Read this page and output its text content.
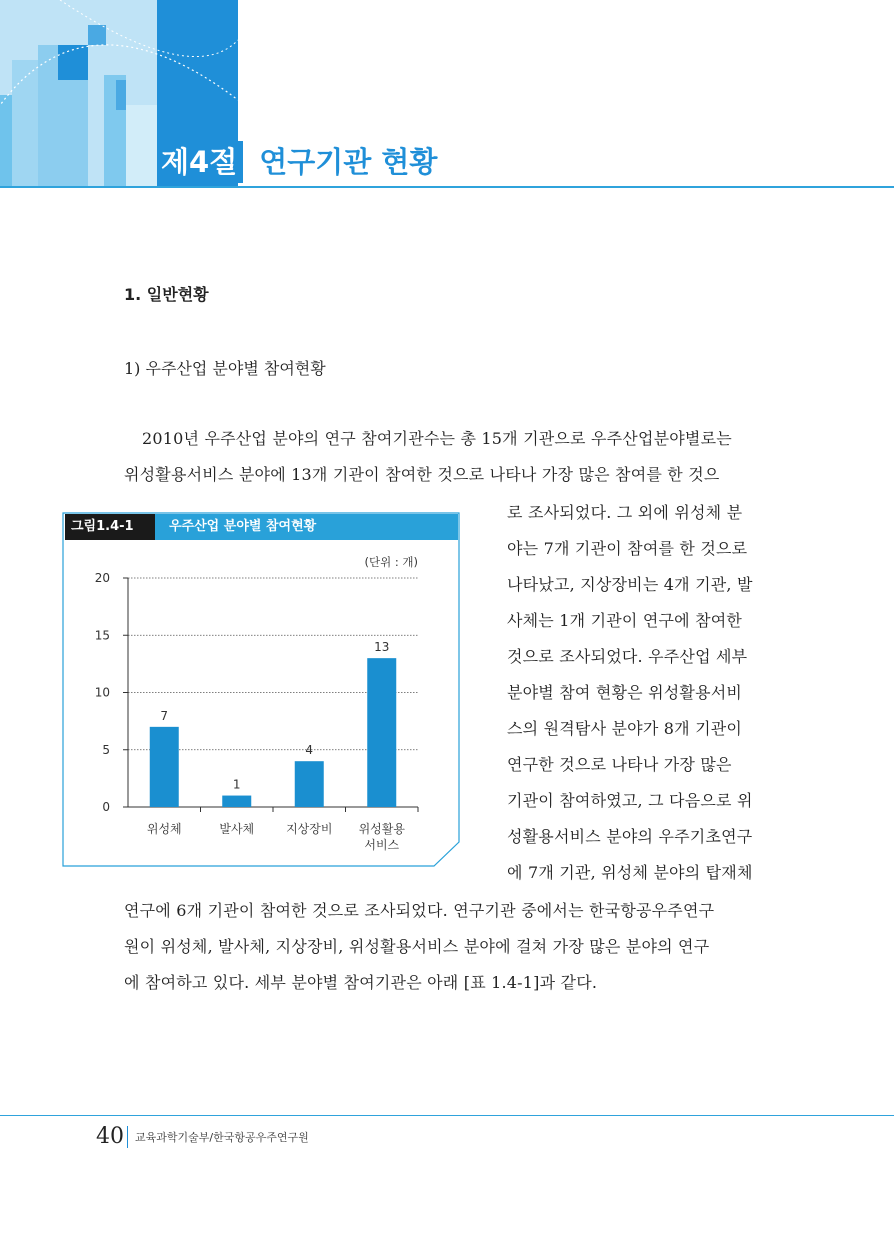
제4절 연구기관 현황
1. 일반현황
1) 우주산업 분야별 참여현황
2010년 우주산업 분야의 연구 참여기관수는 총 15개 기관으로 우주산업분야별로는
위성활용서비스 분야에 13개 기관이 참여한 것으로 나타나 가장 많은 참여를 한 것으
로 조사되었다. 그 외에 위성체 분
야는 7개 기관이 참여를 한 것으로
나타났고, 지상장비는 4개 기관, 발
사체는 1개 기관이 연구에 참여한
것으로 조사되었다. 우주산업 세부
분야별 참여 현황은 위성활용서비
스의 원격탐사 분야가 8개 기관이
연구한 것으로 나타나 가장 많은
기관이 참여하였고, 그 다음으로 위
성활용서비스 분야의 우주기초연구
에 7개 기관, 위성체 분야의 탑재체
연구에 6개 기관이 참여한 것으로 조사되었다. 연구기관 중에서는 한국항공우주연구
원이 위성체, 발사체, 지상장비, 위성활용서비스 분야에 걸쳐 가장 많은 분야의 연구
에 참여하고 있다. 세부 분야별 참여기관은 아래 [표 1.4-1]과 같다.
그림1.4-1	우주산업 분야별 참여현황
(단위 : 개)
0
5
10
15
20
7
위성체
1
발사체
4
지상장비
13
위성활용
서비스
40 교육과학기술부/한국항공우주연구원
